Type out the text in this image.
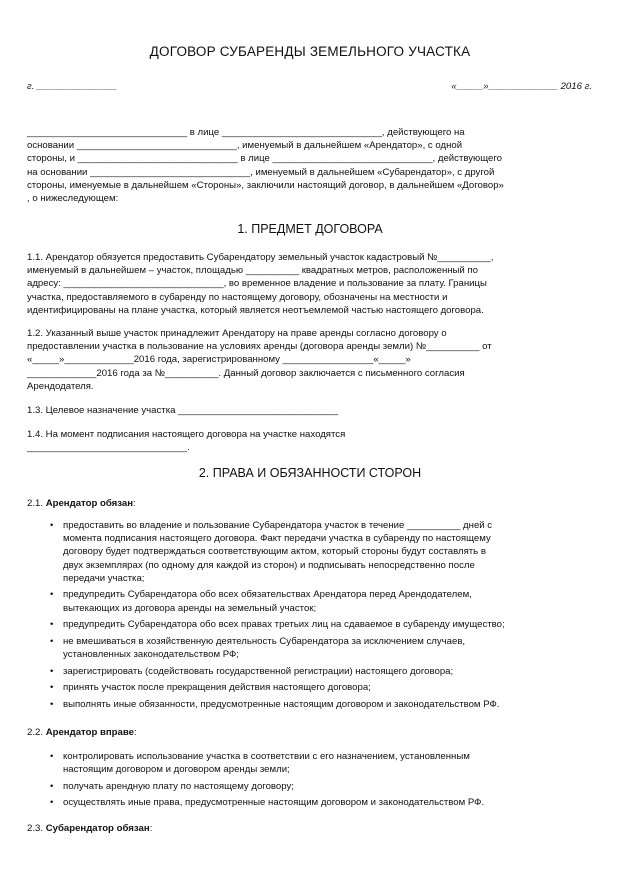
ДОГОВОР СУБАРЕНДЫ ЗЕМЕЛЬНОГО УЧАСТКА
г. _______________	«_____»_____________ 2016 г.
______________________________ в лице ______________________________, действующего на
основании ______________________________, именуемый в дальнейшем «Арендатор», с одной
стороны, и ______________________________ в лице ______________________________, действующего
на основании ______________________________, именуемый в дальнейшем «Субарендатор», с другой
стороны, именуемые в дальнейшем «Стороны», заключили настоящий договор, в дальнейшем «Договор»
, о нижеследующем:
1. ПРЕДМЕТ ДОГОВОРА
1.1. Арендатор обязуется предоставить Субарендатору земельный участок кадастровый №__________,
именуемый в дальнейшем – участок, площадью __________ квадратных метров, расположенный по
адресу: ______________________________, во временное владение и пользование за плату. Границы
участка, предоставляемого в субаренду по настоящему договору, обозначены на местности и
идентифицированы на плане участка, который является неотъемлемой частью настоящего договора.
1.2. Указанный выше участок принадлежит Арендатору на праве аренды согласно договору о
предоставлении участка в пользование на условиях аренды (договора аренды земли) №__________ от
«_____»_____________2016 года, зарегистрированному _________________«_____»
_____________2016 года за №__________. Данный договор заключается с письменного согласия
Арендодателя.
1.3. Целевое назначение участка ______________________________
1.4. На момент подписания настоящего договора на участке находятся
______________________________.
2. ПРАВА И ОБЯЗАННОСТИ СТОРОН
2.1. Арендатор обязан:
• предоставить во владение и пользование Субарендатора участок в течение __________ дней с
момента подписания настоящего договора. Факт передачи участка в субаренду по настоящему
договору будет подтверждаться соответствующим актом, который стороны будут составлять в
двух экземплярах (по одному для каждой из сторон) и подписывать непосредственно после
передачи участка;
• предупредить Субарендатора обо всех обязательствах Арендатора перед Арендодателем,
вытекающих из договора аренды на земельный участок;
• предупредить Субарендатора обо всех правах третьих лиц на сдаваемое в субаренду имущество;
• не вмешиваться в хозяйственную деятельность Субарендатора за исключением случаев,
установленных законодательством РФ;
• зарегистрировать (содействовать государственной регистрации) настоящего договора;
• принять участок после прекращения действия настоящего договора;
• выполнять иные обязанности, предусмотренные настоящим договором и законодательством РФ.
2.2. Арендатор вправе:
• контролировать использование участка в соответствии с его назначением, установленным
настоящим договором и договором аренды земли;
• получать арендную плату по настоящему договору;
• осуществлять иные права, предусмотренные настоящим договором и законодательством РФ.
2.3. Субарендатор обязан:
